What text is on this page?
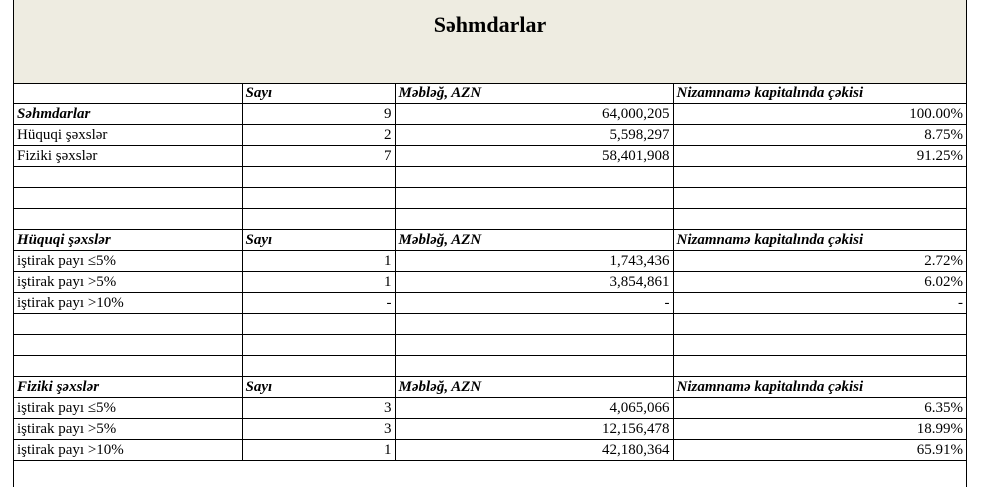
Səhmdarlar
	Sayı	Məbləğ, AZN	Nizamnamə kapitalında çəkisi
Səhmdarlar	9	64,000,205	100.00%
Hüquqi şəxslər	2	5,598,297	8.75%
Fiziki şəxslər	7	58,401,908	91.25%

Hüquqi şəxslər	Sayı	Məbləğ, AZN	Nizamnamə kapitalında çəkisi
iştirak payı ≤5%	1	1,743,436	2.72%
iştirak payı >5%	1	3,854,861	6.02%
iştirak payı >10%	-	-	-

Fiziki şəxslər	Sayı	Məbləğ, AZN	Nizamnamə kapitalında çəkisi
iştirak payı ≤5%	3	4,065,066	6.35%
iştirak payı >5%	3	12,156,478	18.99%
iştirak payı >10%	1	42,180,364	65.91%
